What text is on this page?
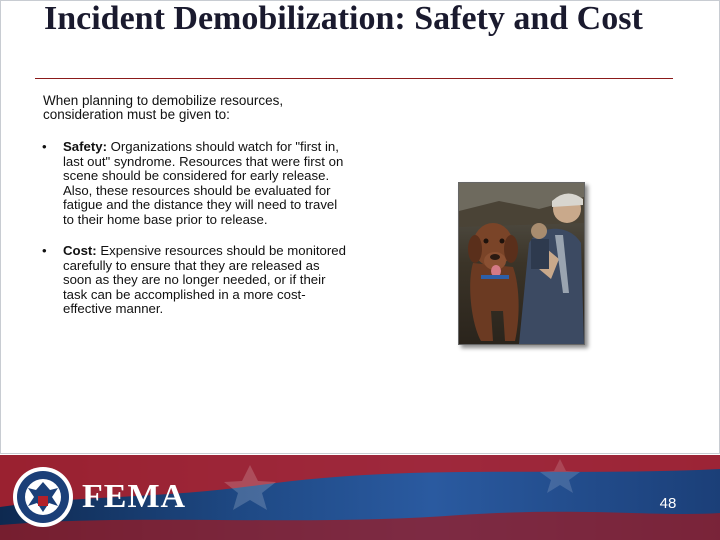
Incident Demobilization: Safety and Cost

When planning to demobilize resources, consideration must be given to:

• Safety: Organizations should watch for "first in, last out" syndrome. Resources that were first on scene should be considered for early release. Also, these resources should be evaluated for fatigue and the distance they will need to travel to their home base prior to release.
• Cost: Expensive resources should be monitored carefully to ensure that they are released as soon as they are no longer needed, or if their task can be accomplished in a more cost-effective manner.
FEMA	48
